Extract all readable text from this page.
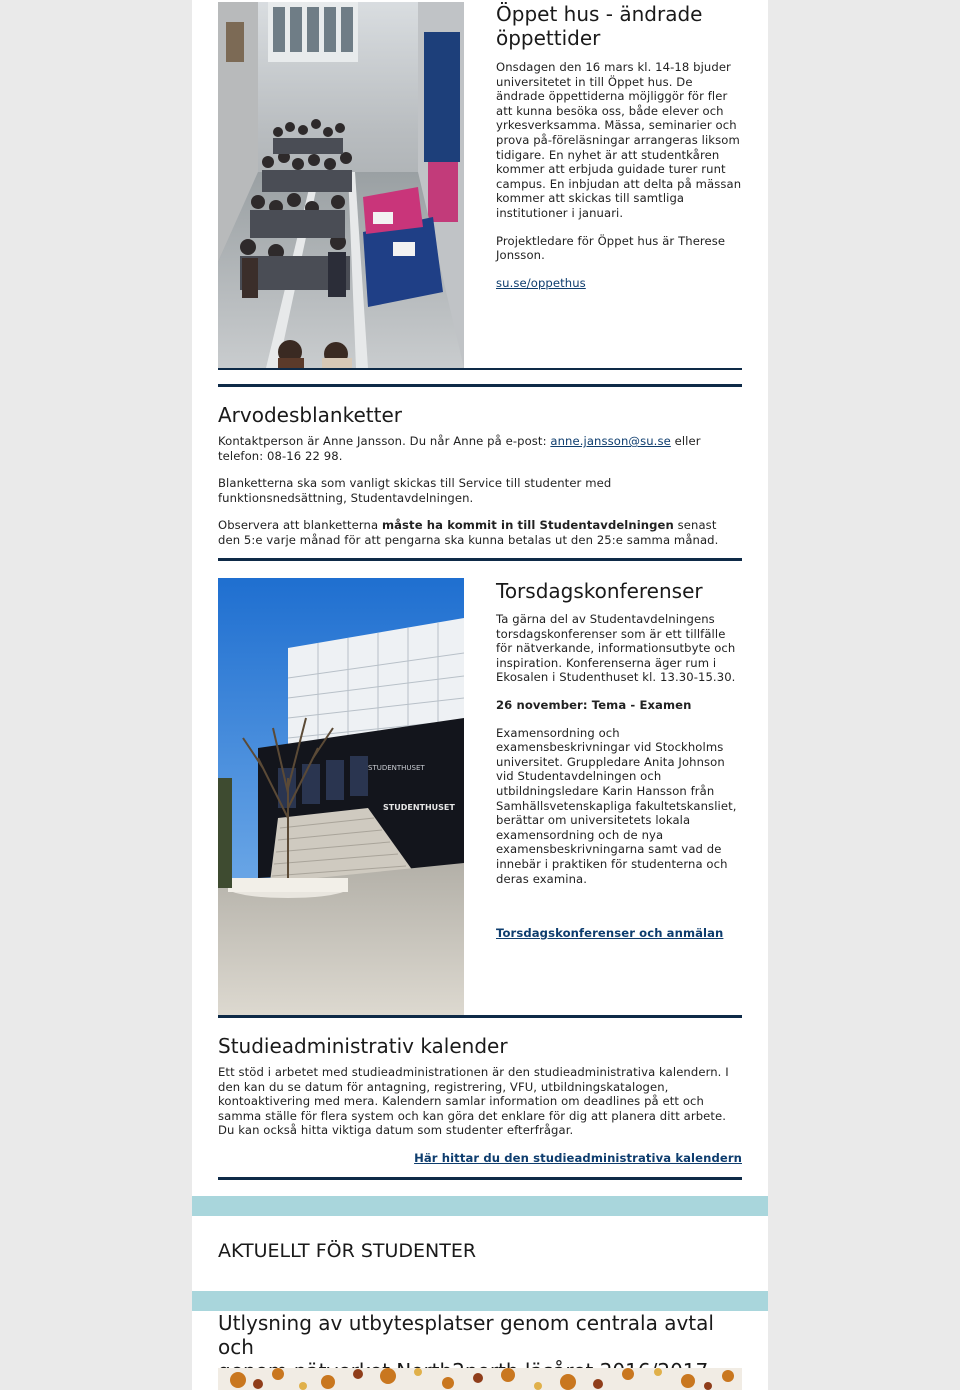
Öppet hus - ändrade
öppettider

Onsdagen den 16 mars kl. 14-18 bjuder universitetet in till Öppet hus. De ändrade öppettiderna möjliggör för fler att kunna besöka oss, både elever och yrkesverksamma. Mässa, seminarier och prova på-föreläsningar arrangeras liksom tidigare. En nyhet är att studentkåren kommer att erbjuda guidade turer runt campus. En inbjudan att delta på mässan kommer att skickas till samtliga institutioner i januari.

Projektledare för Öppet hus är Therese Jonsson.

su.se/oppethus

Arvodesblanketter

Kontaktperson är Anne Jansson. Du når Anne på e-post: anne.jansson@su.se eller telefon: 08-16 22 98.

Blanketterna ska som vanligt skickas till Service till studenter med funktionsnedsättning, Studentavdelningen.

Observera att blanketterna måste ha kommit in till Studentavdelningen senast den 5:e varje månad för att pengarna ska kunna betalas ut den 25:e samma månad.

STUDENTHUSET
STUDENTHUSET
Torsdagskonferenser

Ta gärna del av Studentavdelningens torsdagskonferenser som är ett tillfälle för nätverkande, informationsutbyte och inspiration. Konferenserna äger rum i Ekosalen i Studenthuset kl. 13.30-15.30.

26 november: Tema - Examen

Examensordning och examensbeskrivningar vid Stockholms universitet. Gruppledare Anita Johnson vid Studentavdelningen och utbildningsledare Karin Hansson från Samhällsvetenskapliga fakultetskansliet, berättar om universitetets lokala examensordning och de nya examensbeskrivningarna samt vad de innebär i praktiken för studenterna och deras examina.

Torsdagskonferenser och anmälan

Studieadministrativ kalender

Ett stöd i arbetet med studieadministrationen är den studieadministrativa kalendern. I den kan du se datum för antagning, registrering, VFU, utbildningskatalogen, kontoaktivering med mera. Kalendern samlar information om deadlines på ett och samma ställe för flera system och kan göra det enklare för dig att planera ditt arbete. Du kan också hitta viktiga datum som studenter efterfrågar.

Här hittar du den studieadministrativa kalendern

AKTUELLT FÖR STUDENTER
Utlysning av utbytesplatser genom centrala avtal och
